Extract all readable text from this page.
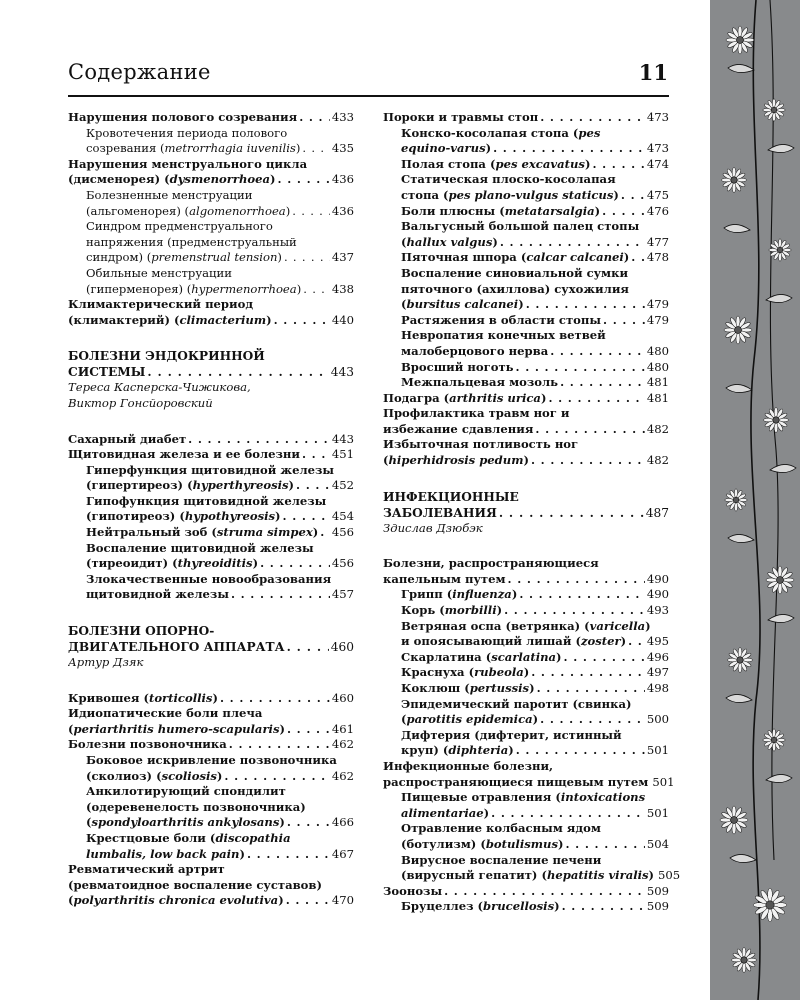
Содержание	11
Нарушения полового созревания . . .	433
Кровотечения периода полового
созревания (metrorrhagia iuvenilis) . . .	435
Нарушения менструального цикла
(дисменорея) (dysmenorrhoea) . . .	436
Болезненные менструации
(альгоменорея) (algomenorrhoea) . . .	436
Синдром предменструального
напряжения (предменструальный
синдром) (premenstrual tension) . . .	437
Обильные менструации
(гиперменорея) (hypermenorrhoea) . . .	438
Климактерический период
(климактерий) (climacterium) . . .	440
БОЛЕЗНИ ЭНДОКРИННОЙ
СИСТЕМЫ . . .	443
Тереса Касперска-Чижикова,
Виктор Гонсйоровский
Сахарный диабет . . .	443
Щитовидная железа и ее болезни . . .	451
Гиперфункция щитовидной железы
(гипертиреоз) (hyperthyreosis) . . .	452
Гипофункция щитовидной железы
(гипотиреоз) (hypothyreosis) . . .	454
Нейтральный зоб (struma simpex) . . . 456
Воспаление щитовидной железы
(тиреоидит) (thyreoiditis) . . .	456
Злокачественные новообразования
щитовидной железы . . .	457
БОЛЕЗНИ ОПОРНО-
ДВИГАТЕЛЬНОГО АППАРАТА . . .	460
Артур Дзяк
Кривошея (torticollis) . . .	460
Идиопатические боли плеча
(periarthritis humero-scapularis) . . .	461
Болезни позвоночника . . .	462
Боковое искривление позвоночника
(сколиоз) (scoliosis) . . .	462
Анкилотирующий спондилит
(одеревенелость позвоночника)
(spondyloarthritis ankylosans) . . .	466
Крестцовые боли (discopathia
lumbalis, low back pain) . . .	467
Ревматический артрит
(ревматоидное воспаление суставов)
(polyarthritis chronica evolutiva) . . .	470
Пороки и травмы стоп . . .	473
Конско-косолапая стопа (pes
equino-varus) . . .	473
Полая стопа (pes excavatus) . . .	474
Статическая плоско-косолапая
стопа (pes plano-vulgus staticus) . . . 475
Боли плюсны (metatarsalgia) . . .	476
Вальгусный большой палец стопы
(hallux valgus) . . .	477
Пяточная шпора (calcar calcanei) . . . 478
Воспаление синовиальной сумки
пяточного (ахиллова) сухожилия
(bursitus calcanei) . . .	479
Растяжения в области стопы . . .	479
Невропатия конечных ветвей
малоберцового нерва . . .	480
Вросший ноготь . . .	480
Межпальцевая мозоль . . .	481
Подагра (arthritis urica) . . .	481
Профилактика травм ног и
избежание сдавления . . .	482
Избыточная потливость ног
(hiperhidrosis pedum) . . .	482
ИНФЕКЦИОННЫЕ
ЗАБОЛЕВАНИЯ . . .	487
Здислав Дзюбэк
Болезни, распространяющиеся
капельным путем . . .	490
Грипп (influenza) . . .	490
Корь (morbilli) . . .	493
Ветряная оспа (ветрянка) (varicella)
и опоясывающий лишай (zoster) . . . 495
Скарлатина (scarlatina) . . .	496
Краснуха (rubeola) . . .	497
Коклюш (pertussis) . . .	498
Эпидемический паротит (свинка)
(parotitis epidemica) . . .	500
Дифтерия (дифтерит, истинный
круп) (diphteria) . . .	501
Инфекционные болезни,
распространяющиеся пищевым путем 501
Пищевые отравления (intoxications
alimentariae) . . .	501
Отравление колбасным ядом
(ботулизм) (botulismus) . . .	504
Вирусное воспаление печени
(вирусный гепатит) (hepatitis viralis) 505
Зоонозы . . .	509
Бруцеллез (brucellosis) . . .	509
